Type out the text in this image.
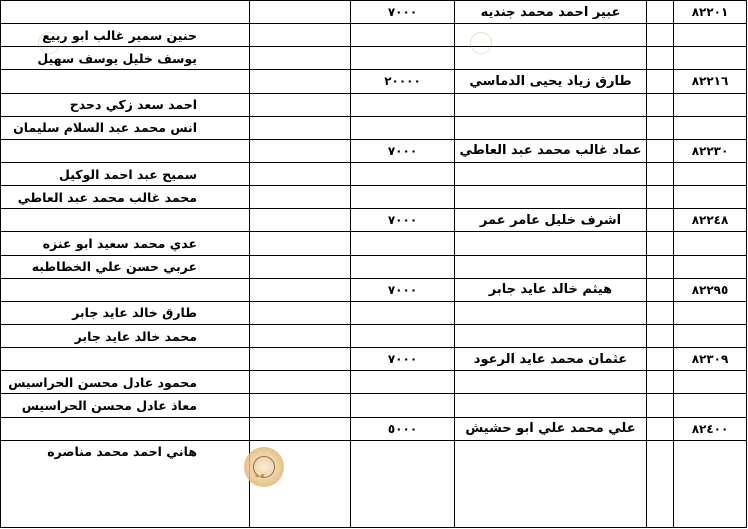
		٧٠٠٠	عبير احمد محمد جنديه		٨٢٢٠١
حنين سمير غالب ابو ربيع					
يوسف خليل يوسف سهيل					
		٢٠٠٠٠	طارق زياد يحيى الدماسي		٨٢٢١٦
احمد سعد زكي دحدح					
انس محمد عبد السلام سليمان					
		٧٠٠٠	عماد غالب محمد عبد العاطي		٨٢٢٣٠
سميح عبد احمد الوكيل					
محمد غالب محمد عبد العاطي					
		٧٠٠٠	اشرف خليل عامر عمر		٨٢٢٤٨
عدي محمد سعيد ابو عنزه					
عربي حسن علي الخطاطبه					
		٧٠٠٠	هيثم خالد عايد جابر		٨٢٢٩٥
طارق خالد عايد جابر					
محمد خالد عايد جابر					
		٧٠٠٠	عثمان محمد عايد الرعود		٨٢٣٠٩
محمود عادل محسن الحراسيس					
معاذ عادل محسن الحراسيس					
		٥٠٠٠	علي محمد علي ابو حشيش		٨٢٤٠٠
هاني احمد محمد مناصره					
••
